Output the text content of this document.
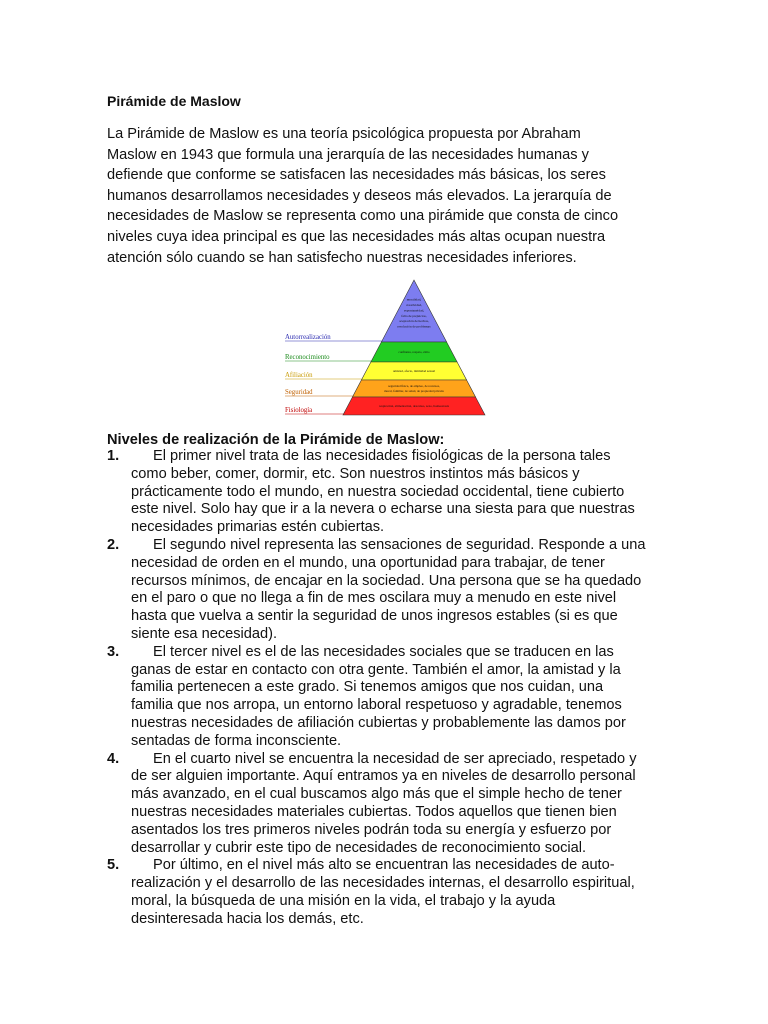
Pirámide de Maslow
La Pirámide de Maslow es una teoría psicológica propuesta por Abraham
Maslow en 1943 que formula una jerarquía de las necesidades humanas y
defiende que conforme se satisfacen las necesidades más básicas, los seres
humanos desarrollamos necesidades y deseos más elevados. La jerarquía de
necesidades de Maslow se representa como una pirámide que consta de cinco
niveles cuya idea principal es que las necesidades más altas ocupan nuestra
atención sólo cuando se han satisfecho nuestras necesidades inferiores.
moralidad,
creatividad,
espontaneidad,
falta de prejuicios,
aceptación de hechos,
resolución de problemas
Autorrealización
confianza, respeto, éxito
Reconocimiento
amistad, afecto, intimidad sexual
Afiliación
seguridad física, de empleo, de recursos,
moral, familiar, de salud, de propiedad privada
Seguridad
respiración, alimentación, descanso, sexo, homeostasis
Fisiología
Niveles de realización de la Pirámide de Maslow:
1.	El primer nivel trata de las necesidades fisiológicas de la persona tales
como beber, comer, dormir, etc. Son nuestros instintos más básicos y
prácticamente todo el mundo, en nuestra sociedad occidental, tiene cubierto
este nivel. Solo hay que ir a la nevera o echarse una siesta para que nuestras
necesidades primarias estén cubiertas.
2.	El segundo nivel representa las sensaciones de seguridad. Responde a una
necesidad de orden en el mundo, una oportunidad para trabajar, de tener
recursos mínimos, de encajar en la sociedad. Una persona que se ha quedado
en el paro o que no llega a fin de mes oscilara muy a menudo en este nivel
hasta que vuelva a sentir la seguridad de unos ingresos estables (si es que
siente esa necesidad).
3.	El tercer nivel es el de las necesidades sociales que se traducen en las
ganas de estar en contacto con otra gente. También el amor, la amistad y la
familia pertenecen a este grado. Si tenemos amigos que nos cuidan, una
familia que nos arropa, un entorno laboral respetuoso y agradable, tenemos
nuestras necesidades de afiliación cubiertas y probablemente las damos por
sentadas de forma inconsciente.
4.	En el cuarto nivel se encuentra la necesidad de ser apreciado, respetado y
de ser alguien importante. Aquí entramos ya en niveles de desarrollo personal
más avanzado, en el cual buscamos algo más que el simple hecho de tener
nuestras necesidades materiales cubiertas. Todos aquellos que tienen bien
asentados los tres primeros niveles podrán toda su energía y esfuerzo por
desarrollar y cubrir este tipo de necesidades de reconocimiento social.
5.	Por último, en el nivel más alto se encuentran las necesidades de auto-
realización y el desarrollo de las necesidades internas, el desarrollo espiritual,
moral, la búsqueda de una misión en la vida, el trabajo y la ayuda
desinteresada hacia los demás, etc.
